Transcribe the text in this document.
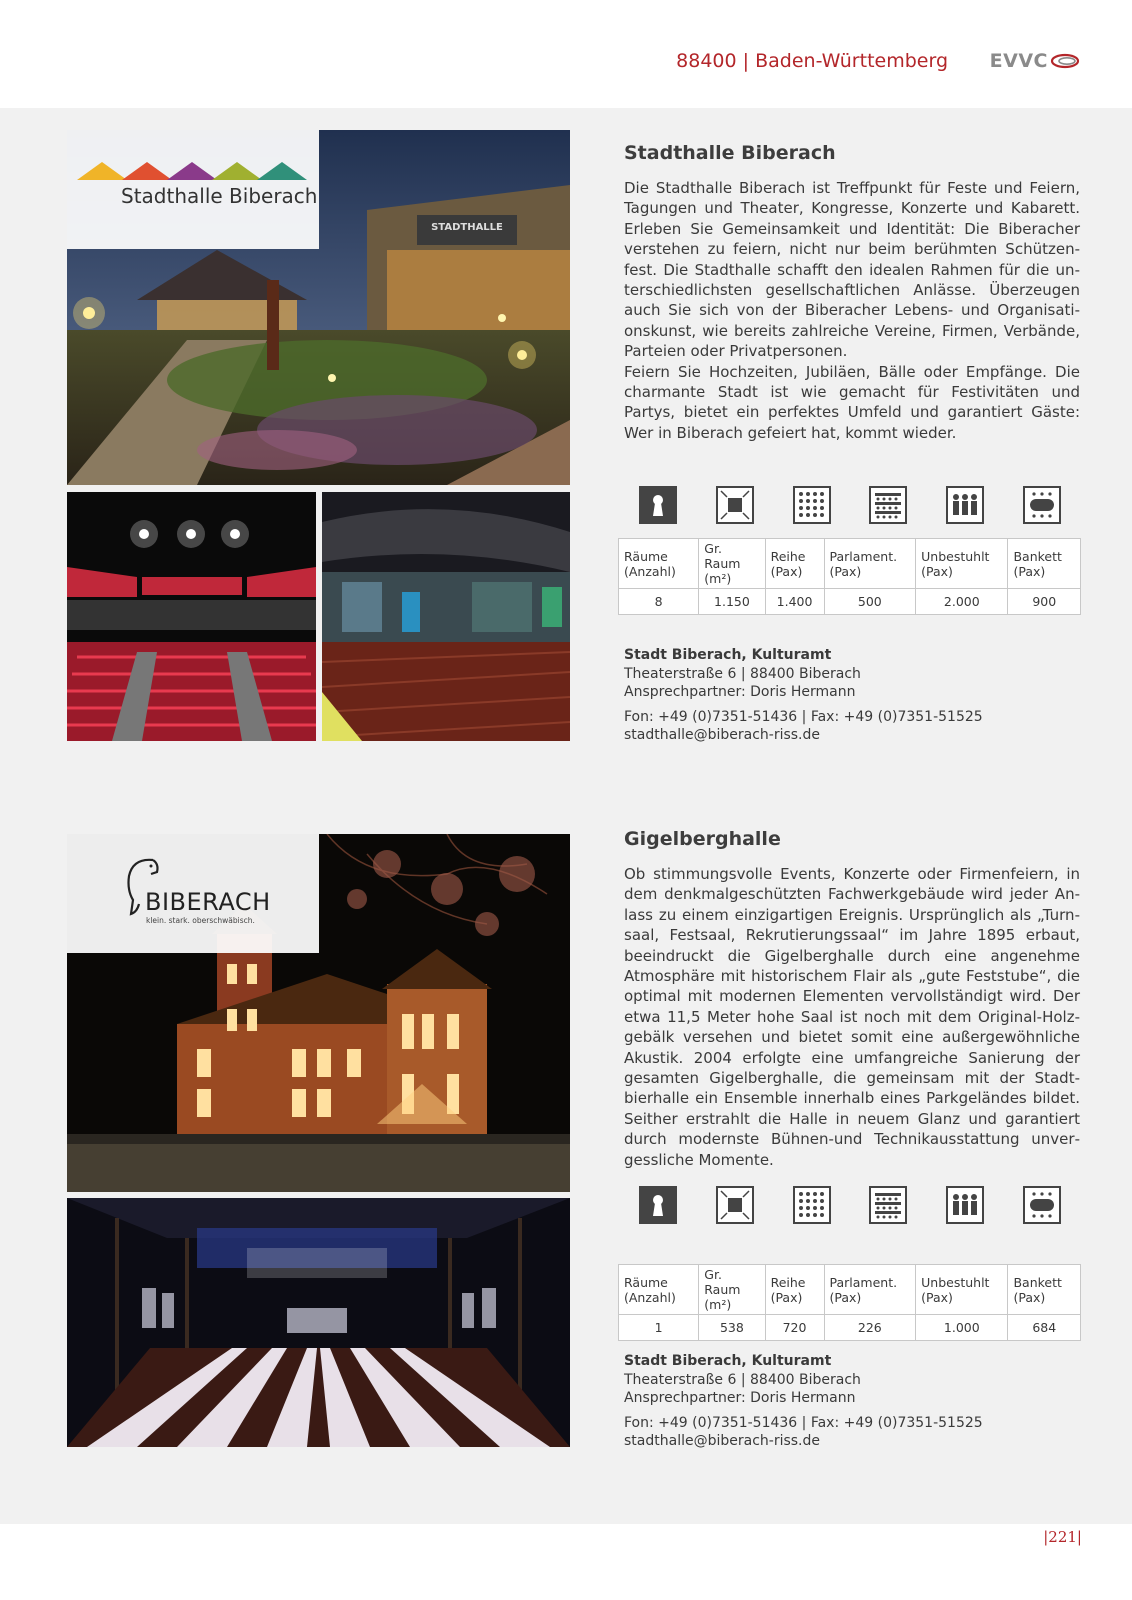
88400 | Baden-Württemberg EVVC
STADTHALLE
Stadthalle Biberach
Stadthalle Biberach
Die Stadthalle Biberach ist Treffpunkt für Feste und Feiern, Tagungen und Theater, Kongresse, Konzerte und Kabarett. Erleben Sie Gemeinsamkeit und Identität: Die Biberacher verstehen zu feiern, nicht nur beim berühmten Schützenfest. Die Stadthalle schafft den idealen Rahmen für die unterschiedlichsten gesellschaftlichen Anlässe. Überzeugen auch Sie sich von der Biberacher Lebens- und Organisationskunst, wie bereits zahlreiche Vereine, Firmen, Verbände, Parteien oder Privatpersonen.
Feiern Sie Hochzeiten, Jubiläen, Bälle oder Empfänge. Die charmante Stadt ist wie gemacht für Festivitäten und Partys, bietet ein perfektes Umfeld und garantiert Gäste: Wer in Biberach gefeiert hat, kommt wieder.
Räume (Anzahl)	Gr. Raum (m²)	Reihe (Pax)	Parlament. (Pax)	Unbestuhlt (Pax)	Bankett (Pax)
8	1.150	1.400	500	2.000	900
Stadt Biberach, Kulturamt
Theaterstraße 6 | 88400 Biberach
Ansprechpartner: Doris Hermann
Fon: +49 (0)7351-51436 | Fax: +49 (0)7351-51525
stadthalle@biberach-riss.de
BIBERACH
klein. stark. oberschwäbisch.
Gigelberghalle
Ob stimmungsvolle Events, Konzerte oder Firmenfeiern, in dem denkmalgeschützten Fachwerkgebäude wird jeder Anlass zu einem einzigartigen Ereignis. Ursprünglich als „Turnsaal, Festsaal, Rekrutierungssaal“ im Jahre 1895 erbaut, beeindruckt die Gigelberghalle durch eine angenehme Atmosphäre mit historischem Flair als „gute Feststube“, die optimal mit modernen Elementen vervollständigt wird. Der etwa 11,5 Meter hohe Saal ist noch mit dem Original-Holzgebälk versehen und bietet somit eine außergewöhnliche Akustik. 2004 erfolgte eine umfangreiche Sanierung der gesamten Gigelberghalle, die gemeinsam mit der Stadtbierhalle ein Ensemble innerhalb eines Parkgeländes bildet. Seither erstrahlt die Halle in neuem Glanz und garantiert durch modernste Bühnen-und Technikausstattung unvergessliche Momente.
Räume (Anzahl)	Gr. Raum (m²)	Reihe (Pax)	Parlament. (Pax)	Unbestuhlt (Pax)	Bankett (Pax)
1	538	720	226	1.000	684
Stadt Biberach, Kulturamt
Theaterstraße 6 | 88400 Biberach
Ansprechpartner: Doris Hermann
Fon: +49 (0)7351-51436 | Fax: +49 (0)7351-51525
stadthalle@biberach-riss.de
|221|
